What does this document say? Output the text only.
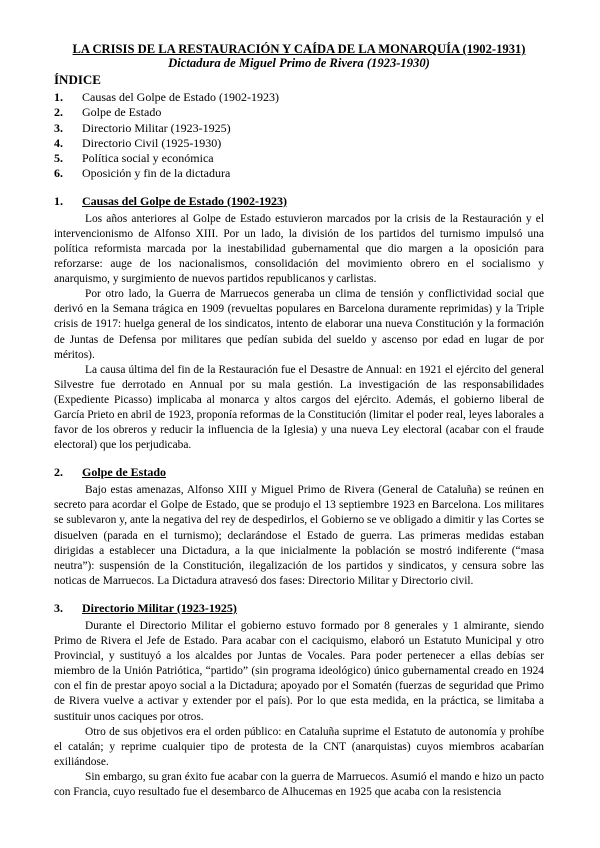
LA CRISIS DE LA RESTAURACIÓN Y CAÍDA DE LA MONARQUÍA (1902-1931)
Dictadura de Miguel Primo de Rivera (1923-1930)
ÍNDICE
1.	Causas del Golpe de Estado (1902-1923)
2.	Golpe de Estado
3.	Directorio Militar (1923-1925)
4.	Directorio Civil (1925-1930)
5.	Política social y económica
6.	Oposición y fin de la dictadura
1.	Causas del Golpe de Estado (1902-1923)

Los años anteriores al Golpe de Estado estuvieron marcados por la crisis de la Restauración y el intervencionismo de Alfonso XIII. Por un lado, la división de los partidos del turnismo impulsó una política reformista marcada por la inestabilidad gubernamental que dio margen a la oposición para reforzarse: auge de los nacionalismos, consolidación del movimiento obrero en el socialismo y anarquismo, y surgimiento de nuevos partidos republicanos y carlistas.

Por otro lado, la Guerra de Marruecos generaba un clima de tensión y conflictividad social que derivó en la Semana trágica en 1909 (revueltas populares en Barcelona duramente reprimidas) y la Triple crisis de 1917: huelga general de los sindicatos, intento de elaborar una nueva Constitución y la formación de Juntas de Defensa por militares que pedían subida del sueldo y ascenso por edad en lugar de por méritos).

La causa última del fin de la Restauración fue el Desastre de Annual: en 1921 el ejército del general Silvestre fue derrotado en Annual por su mala gestión. La investigación de las responsabilidades (Expediente Picasso) implicaba al monarca y altos cargos del ejército. Además, el gobierno liberal de García Prieto en abril de 1923, proponía reformas de la Constitución (limitar el poder real, leyes laborales a favor de los obreros y reducir la influencia de la Iglesia) y una nueva Ley electoral (acabar con el fraude electoral) que los perjudicaba.

2.	Golpe de Estado

Bajo estas amenazas, Alfonso XIII y Miguel Primo de Rivera (General de Cataluña) se reúnen en secreto para acordar el Golpe de Estado, que se produjo el 13 septiembre 1923 en Barcelona. Los militares se sublevaron y, ante la negativa del rey de despedirlos, el Gobierno se ve obligado a dimitir y las Cortes se disuelven (parada en el turnismo); declarándose el Estado de guerra. Las primeras medidas estaban dirigidas a establecer una Dictadura, a la que inicialmente la población se mostró indiferente (“masa neutra”): suspensión de la Constitución, ilegalización de los partidos y sindicatos, y censura sobre las noticas de Marruecos. La Dictadura atravesó dos fases: Directorio Militar y Directorio civil.

3.	Directorio Militar (1923-1925)

Durante el Directorio Militar el gobierno estuvo formado por 8 generales y 1 almirante, siendo Primo de Rivera el Jefe de Estado. Para acabar con el caciquismo, elaboró un Estatuto Municipal y otro Provincial, y sustituyó a los alcaldes por Juntas de Vocales. Para poder pertenecer a ellas debías ser miembro de la Unión Patriótica, “partido” (sin programa ideológico) único gubernamental creado en 1924 con el fin de prestar apoyo social a la Dictadura; apoyado por el Somatén (fuerzas de seguridad que Primo de Rivera vuelve a activar y extender por el país). Por lo que esta medida, en la práctica, se limitaba a sustituir unos caciques por otros.

Otro de sus objetivos era el orden público: en Cataluña suprime el Estatuto de autonomía y prohíbe el catalán; y reprime cualquier tipo de protesta de la CNT (anarquistas) cuyos miembros acabarían exiliándose.

Sin embargo, su gran éxito fue acabar con la guerra de Marruecos. Asumió el mando e hizo un pacto con Francia, cuyo resultado fue el desembarco de Alhucemas en 1925 que acaba con la resistencia
